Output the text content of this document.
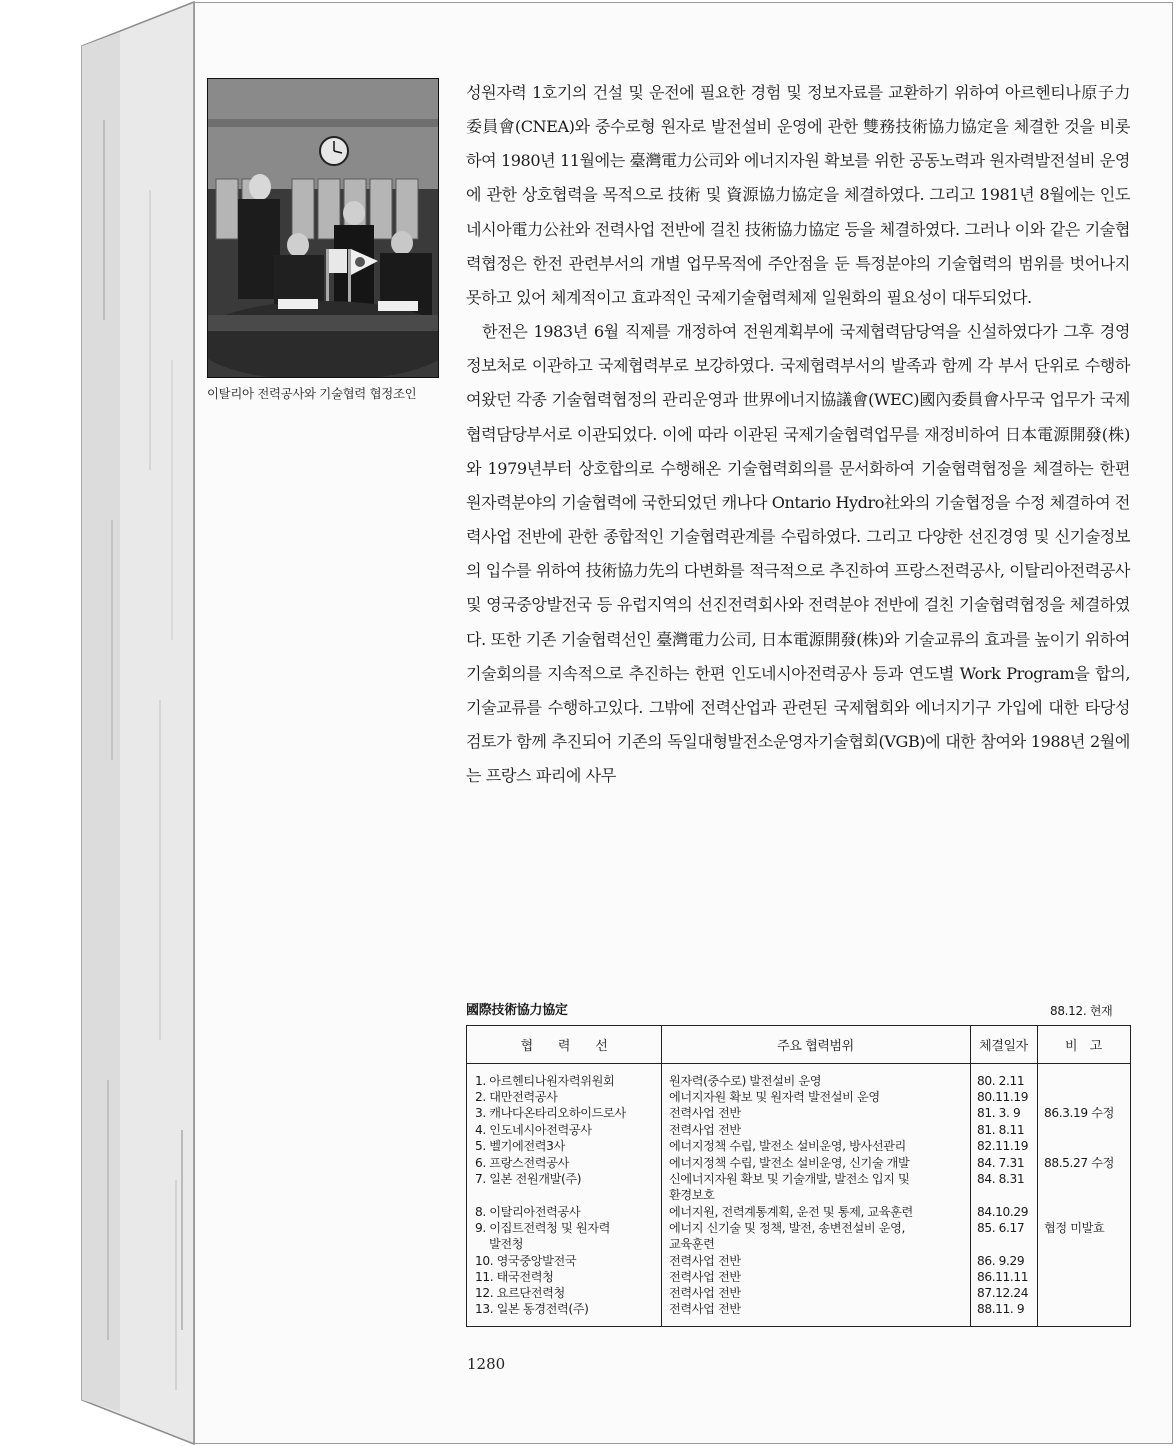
이탈리아 전력공사와 기술협력 협정조인

성원자력 1호기의 건설 및 운전에 필요한 경험 및 정보자료를 교환하기 위하여 아르헨티나原子力委員會(CNEA)와 중수로형 원자로 발전설비 운영에 관한 雙務技術協力協定을 체결한 것을 비롯하여 1980년 11월에는 臺灣電力公司와 에너지자원 확보를 위한 공동노력과 원자력발전설비 운영에 관한 상호협력을 목적으로 技術 및 資源協力協定을 체결하였다. 그리고 1981년 8월에는 인도네시아電力公社와 전력사업 전반에 걸친 技術協力協定 등을 체결하였다. 그러나 이와 같은 기술협력협정은 한전 관련부서의 개별 업무목적에 주안점을 둔 특정분야의 기술협력의 범위를 벗어나지 못하고 있어 체계적이고 효과적인 국제기술협력체제 일원화의 필요성이 대두되었다.

한전은 1983년 6월 직제를 개정하여 전원계획부에 국제협력담당역을 신설하였다가 그후 경영정보처로 이관하고 국제협력부로 보강하였다. 국제협력부서의 발족과 함께 각 부서 단위로 수행하여왔던 각종 기술협력협정의 관리운영과 世界에너지協議會(WEC)國內委員會사무국 업무가 국제협력담당부서로 이관되었다. 이에 따라 이관된 국제기술협력업무를 재정비하여 日本電源開發(株)와 1979년부터 상호합의로 수행해온 기술협력회의를 문서화하여 기술협력협정을 체결하는 한편 원자력분야의 기술협력에 국한되었던 캐나다 Ontario Hydro社와의 기술협정을 수정 체결하여 전력사업 전반에 관한 종합적인 기술협력관계를 수립하였다. 그리고 다양한 선진경영 및 신기술정보의 입수를 위하여 技術協力先의 다변화를 적극적으로 추진하여 프랑스전력공사, 이탈리아전력공사 및 영국중앙발전국 등 유럽지역의 선진전력회사와 전력분야 전반에 걸친 기술협력협정을 체결하였다. 또한 기존 기술협력선인 臺灣電力公司, 日本電源開發(株)와 기술교류의 효과를 높이기 위하여 기술회의를 지속적으로 추진하는 한편 인도네시아전력공사 등과 연도별 Work Program을 합의, 기술교류를 수행하고있다. 그밖에 전력산업과 관련된 국제협회와 에너지기구 가입에 대한 타당성 검토가 함께 추진되어 기존의 독일대형발전소운영자기술협회(VGB)에 대한 참여와 1988년 2월에는 프랑스 파리에 사무

國際技術協力協定	88.12. 현재
협　　력　　선	주요 협력범위	체결일자	비　고
1. 아르헨티나원자력위원회	원자력(중수로) 발전설비 운영	80. 2.11
2. 대만전력공사	에너지자원 확보 및 원자력 발전설비 운영	80.11.19
3. 캐나다온타리오하이드로사	전력사업 전반	81. 3. 9 86.3.19 수정
4. 인도네시아전력공사	전력사업 전반	81. 8.11
5. 벨기에전력3사	에너지정책 수립, 발전소 설비운영, 방사선관리	82.11.19
6. 프랑스전력공사	에너지정책 수립, 발전소 설비운영, 신기술 개발	84. 7.31 88.5.27 수정
7. 일본 전원개발(주)	신에너지자원 확보 및 기술개발, 발전소 입지 및	84. 8.31
환경보호
8. 이탈리아전력공사	에너지원, 전력계통계획, 운전 및 통제, 교육훈련	84.10.29
9. 이집트전력청 및 원자력	에너지 신기술 및 정책, 발전, 송변전설비 운영,	85. 6.17 협정 미발효
발전청	교육훈련
10. 영국중앙발전국	전력사업 전반	86. 9.29
11. 태국전력청	전력사업 전반	86.11.11
12. 요르단전력청	전력사업 전반	87.12.24
13. 일본 동경전력(주)	전력사업 전반	88.11. 9
1280
